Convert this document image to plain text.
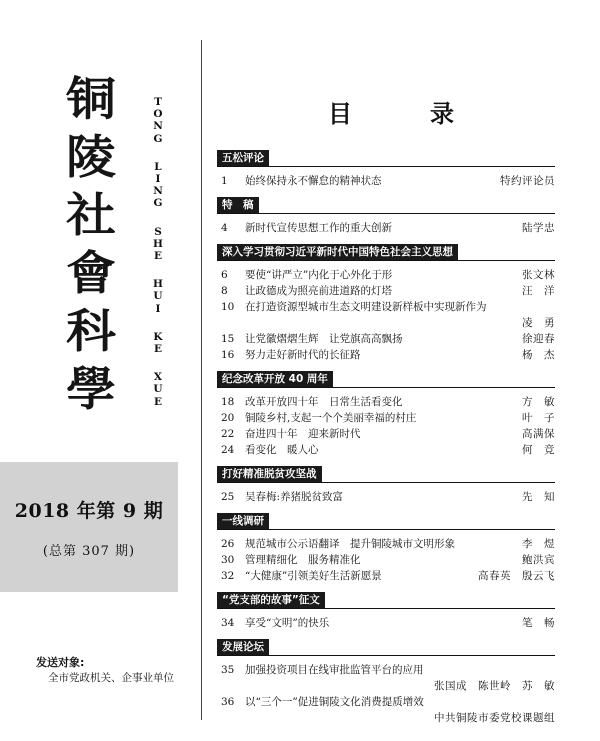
铜
陵
社
會
科
學
T
O
N
G
L
I
N
G
S
H
E
H
U
I
K
E
X
U
E
2018 年第 9 期
(总第 307 期)
发送对象:
全市党政机关、企事业单位
目	录
五松评论
1	始终保持永不懈怠的精神状态	特约评论员
特　稿
4	新时代宣传思想工作的重大创新	陆学忠
深入学习贯彻习近平新时代中国特色社会主义思想
6	要使“讲严立”内化于心外化于形	张文林
8	让政德成为照亮前进道路的灯塔	汪　洋
10	在打造资源型城市生态文明建设新样板中实现新作为
凌　勇
15	让党徽熠熠生辉　让党旗高高飘扬	徐迎春
16	努力走好新时代的长征路	杨　杰
纪念改革开放 40 周年
18	改革开放四十年　日常生活看变化	方　敏
20	铜陵乡村,支起一个个美丽幸福的村庄	叶　子
22	奋进四十年　迎来新时代	高满保
24	看变化　暖人心	何　竞
打好精准脱贫攻坚战
25	吴春梅:养猪脱贫致富	先　知
一线调研
26	规范城市公示语翻译　提升铜陵城市文明形象	李　煜
30	管理精细化　服务精准化	鲍洪宾
32	“大健康”引领美好生活新愿景	高春英　殷云飞
“党支部的故事”征文
34	享受“文明”的快乐	笔　畅
发展论坛
35	加强投资项目在线审批监管平台的应用
张国成　陈世岭　苏　敏
36	以“三个一”促进铜陵文化消费提质增效
中共铜陵市委党校课题组
